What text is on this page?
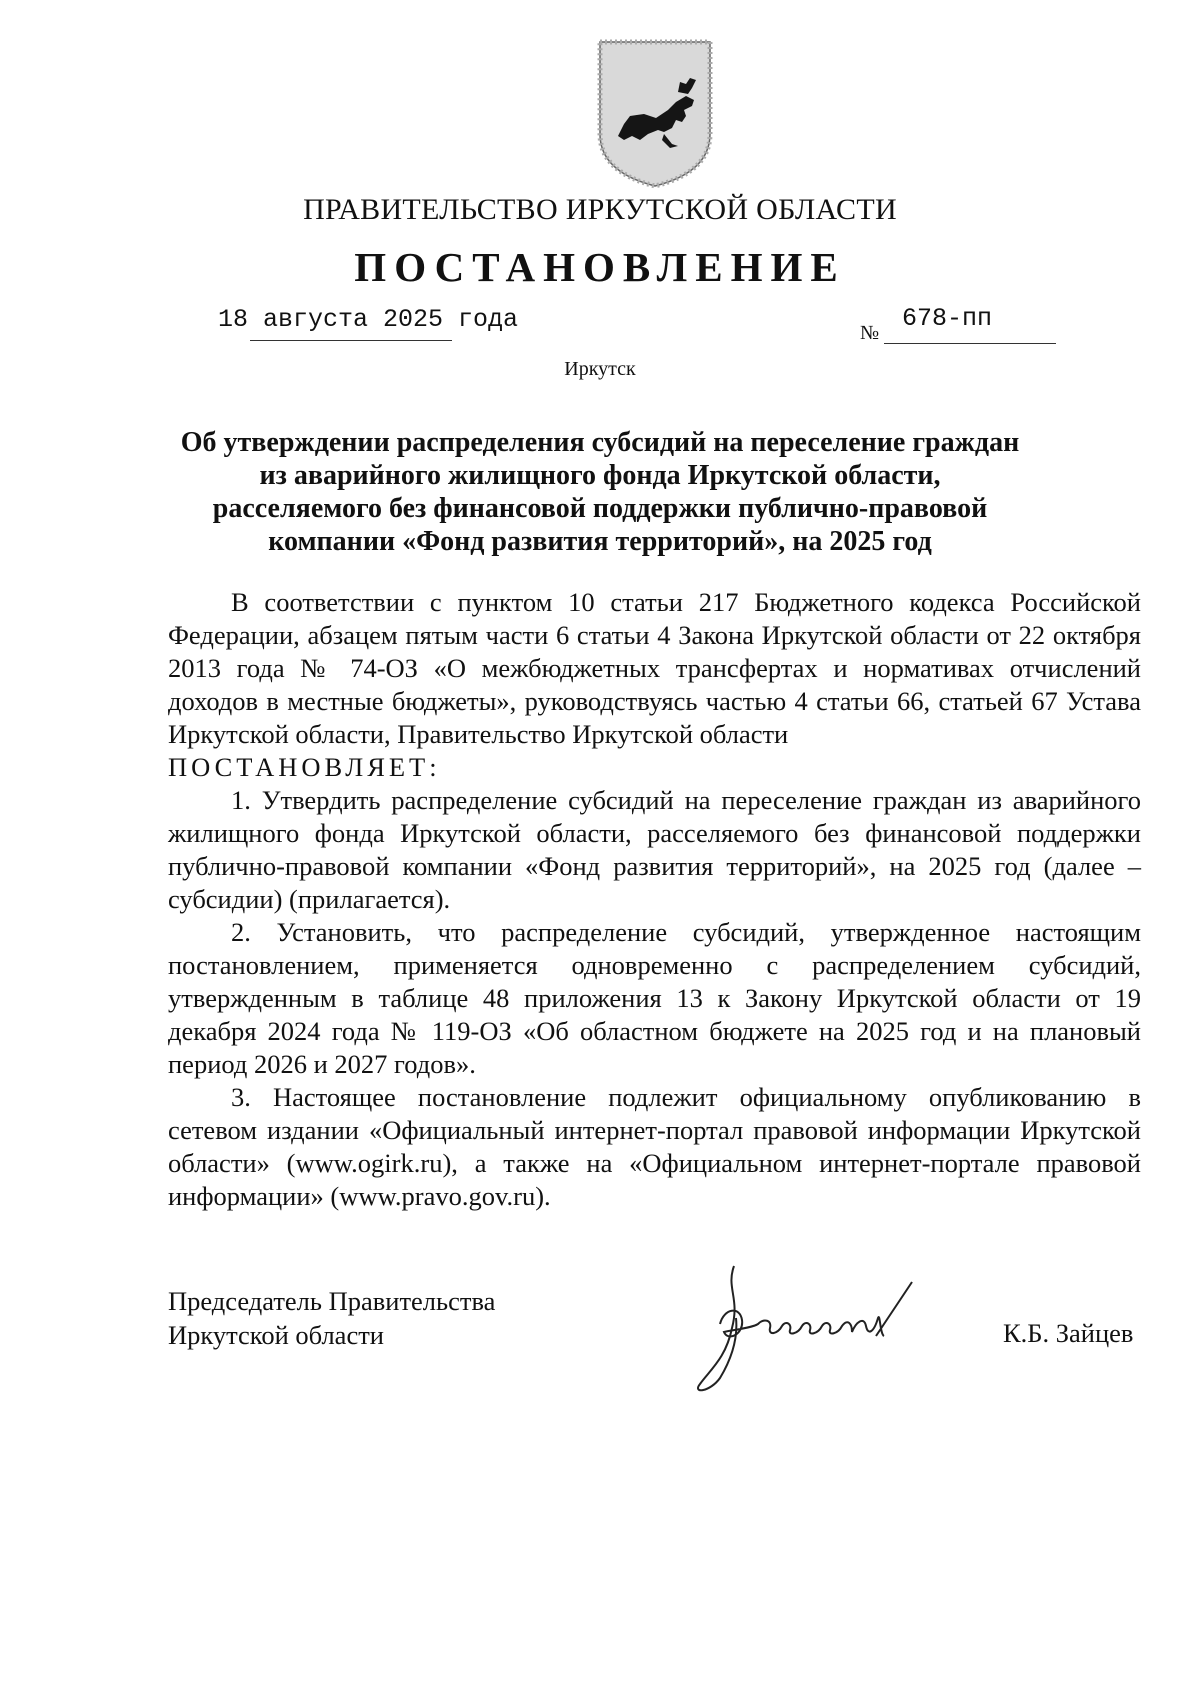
ПРАВИТЕЛЬСТВО ИРКУТСКОЙ ОБЛАСТИ
ПОСТАНОВЛЕНИЕ
18 августа 2025 года	№ 678-пп
Иркутск
Об утверждении распределения субсидий на переселение граждан из аварийного жилищного фонда Иркутской области, расселяемого без финансовой поддержки публично-правовой компании «Фонд развития территорий», на 2025 год

В соответствии с пунктом 10 статьи 217 Бюджетного кодекса Российской Федерации, абзацем пятым части 6 статьи 4 Закона Иркутской области от 22 октября 2013 года № 74-ОЗ «О межбюджетных трансфертах и нормативах отчислений доходов в местные бюджеты», руководствуясь частью 4 статьи 66, статьей 67 Устава Иркутской области, Правительство Иркутской области

ПОСТАНОВЛЯЕТ:

1. Утвердить распределение субсидий на переселение граждан из аварийного жилищного фонда Иркутской области, расселяемого без финансовой поддержки публично-правовой компании «Фонд развития территорий», на 2025 год (далее – субсидии) (прилагается).

2. Установить, что распределение субсидий, утвержденное настоящим постановлением, применяется одновременно с распределением субсидий, утвержденным в таблице 48 приложения 13 к Закону Иркутской области от 19 декабря 2024 года № 119-ОЗ «Об областном бюджете на 2025 год и на плановый период 2026 и 2027 годов».

3. Настоящее постановление подлежит официальному опубликованию в сетевом издании «Официальный интернет-портал правовой информации Иркутской области» (www.ogirk.ru), а также на «Официальном интернет-портале правовой информации» (www.pravo.gov.ru).

Председатель Правительства
Иркутской области	К.Б. Зайцев
